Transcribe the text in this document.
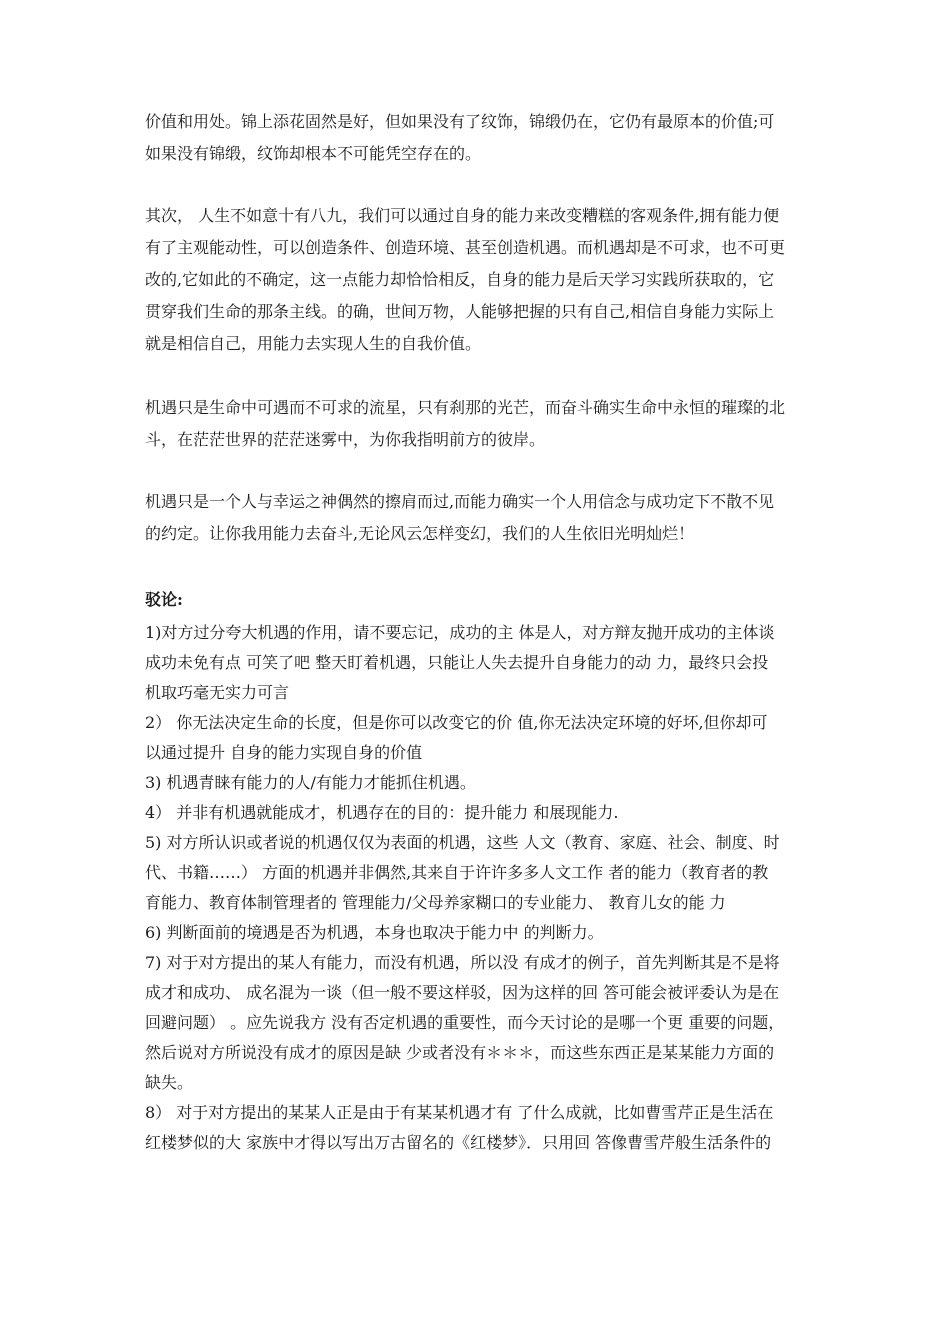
价值和用处。锦上添花固然是好，但如果没有了纹饰，锦缎仍在，它仍有最原本的价值;可
如果没有锦缎，纹饰却根本不可能凭空存在的。
其次， 人生不如意十有八九，我们可以通过自身的能力来改变糟糕的客观条件,拥有能力便
有了主观能动性，可以创造条件、创造环境、甚至创造机遇。而机遇却是不可求，也不可更
改的,它如此的不确定，这一点能力却恰恰相反，自身的能力是后天学习实践所获取的，它
贯穿我们生命的那条主线。的确，世间万物，人能够把握的只有自己,相信自身能力实际上
就是相信自己，用能力去实现人生的自我价值。
机遇只是生命中可遇而不可求的流星，只有刹那的光芒，而奋斗确实生命中永恒的璀璨的北
斗，在茫茫世界的茫茫迷雾中，为你我指明前方的彼岸。
机遇只是一个人与幸运之神偶然的擦肩而过,而能力确实一个人用信念与成功定下不散不见
的约定。让你我用能力去奋斗,无论风云怎样变幻，我们的人生依旧光明灿烂！
驳论:
1)对方过分夸大机遇的作用，请不要忘记，成功的主 体是人，对方辩友抛开成功的主体谈
成功未免有点 可笑了吧 整天盯着机遇，只能让人失去提升自身能力的动 力，最终只会投
机取巧毫无实力可言
2） 你无法决定生命的长度，但是你可以改变它的价 值,你无法决定环境的好坏,但你却可
以通过提升 自身的能力实现自身的价值
3) 机遇青睐有能力的人/有能力才能抓住机遇。
4） 并非有机遇就能成才，机遇存在的目的：提升能力 和展现能力.
5) 对方所认识或者说的机遇仅仅为表面的机遇，这些 人文（教育、家庭、社会、制度、时
代、书籍……） 方面的机遇并非偶然,其来自于许许多多人文工作 者的能力（教育者的教
育能力、教育体制管理者的 管理能力/父母养家糊口的专业能力、 教育儿女的能 力
6) 判断面前的境遇是否为机遇，本身也取决于能力中 的判断力。
7) 对于对方提出的某人有能力，而没有机遇，所以没 有成才的例子，首先判断其是不是将
成才和成功、 成名混为一谈（但一般不要这样驳，因为这样的回 答可能会被评委认为是在
回避问题） 。应先说我方 没有否定机遇的重要性，而今天讨论的是哪一个更 重要的问题，
然后说对方所说没有成才的原因是缺 少或者没有＊＊＊，而这些东西正是某某能力方面的
缺失。
8） 对于对方提出的某某人正是由于有某某机遇才有 了什么成就，比如曹雪芹正是生活在
红楼梦似的大 家族中才得以写出万古留名的《红楼梦》．只用回 答像曹雪芹般生活条件的
